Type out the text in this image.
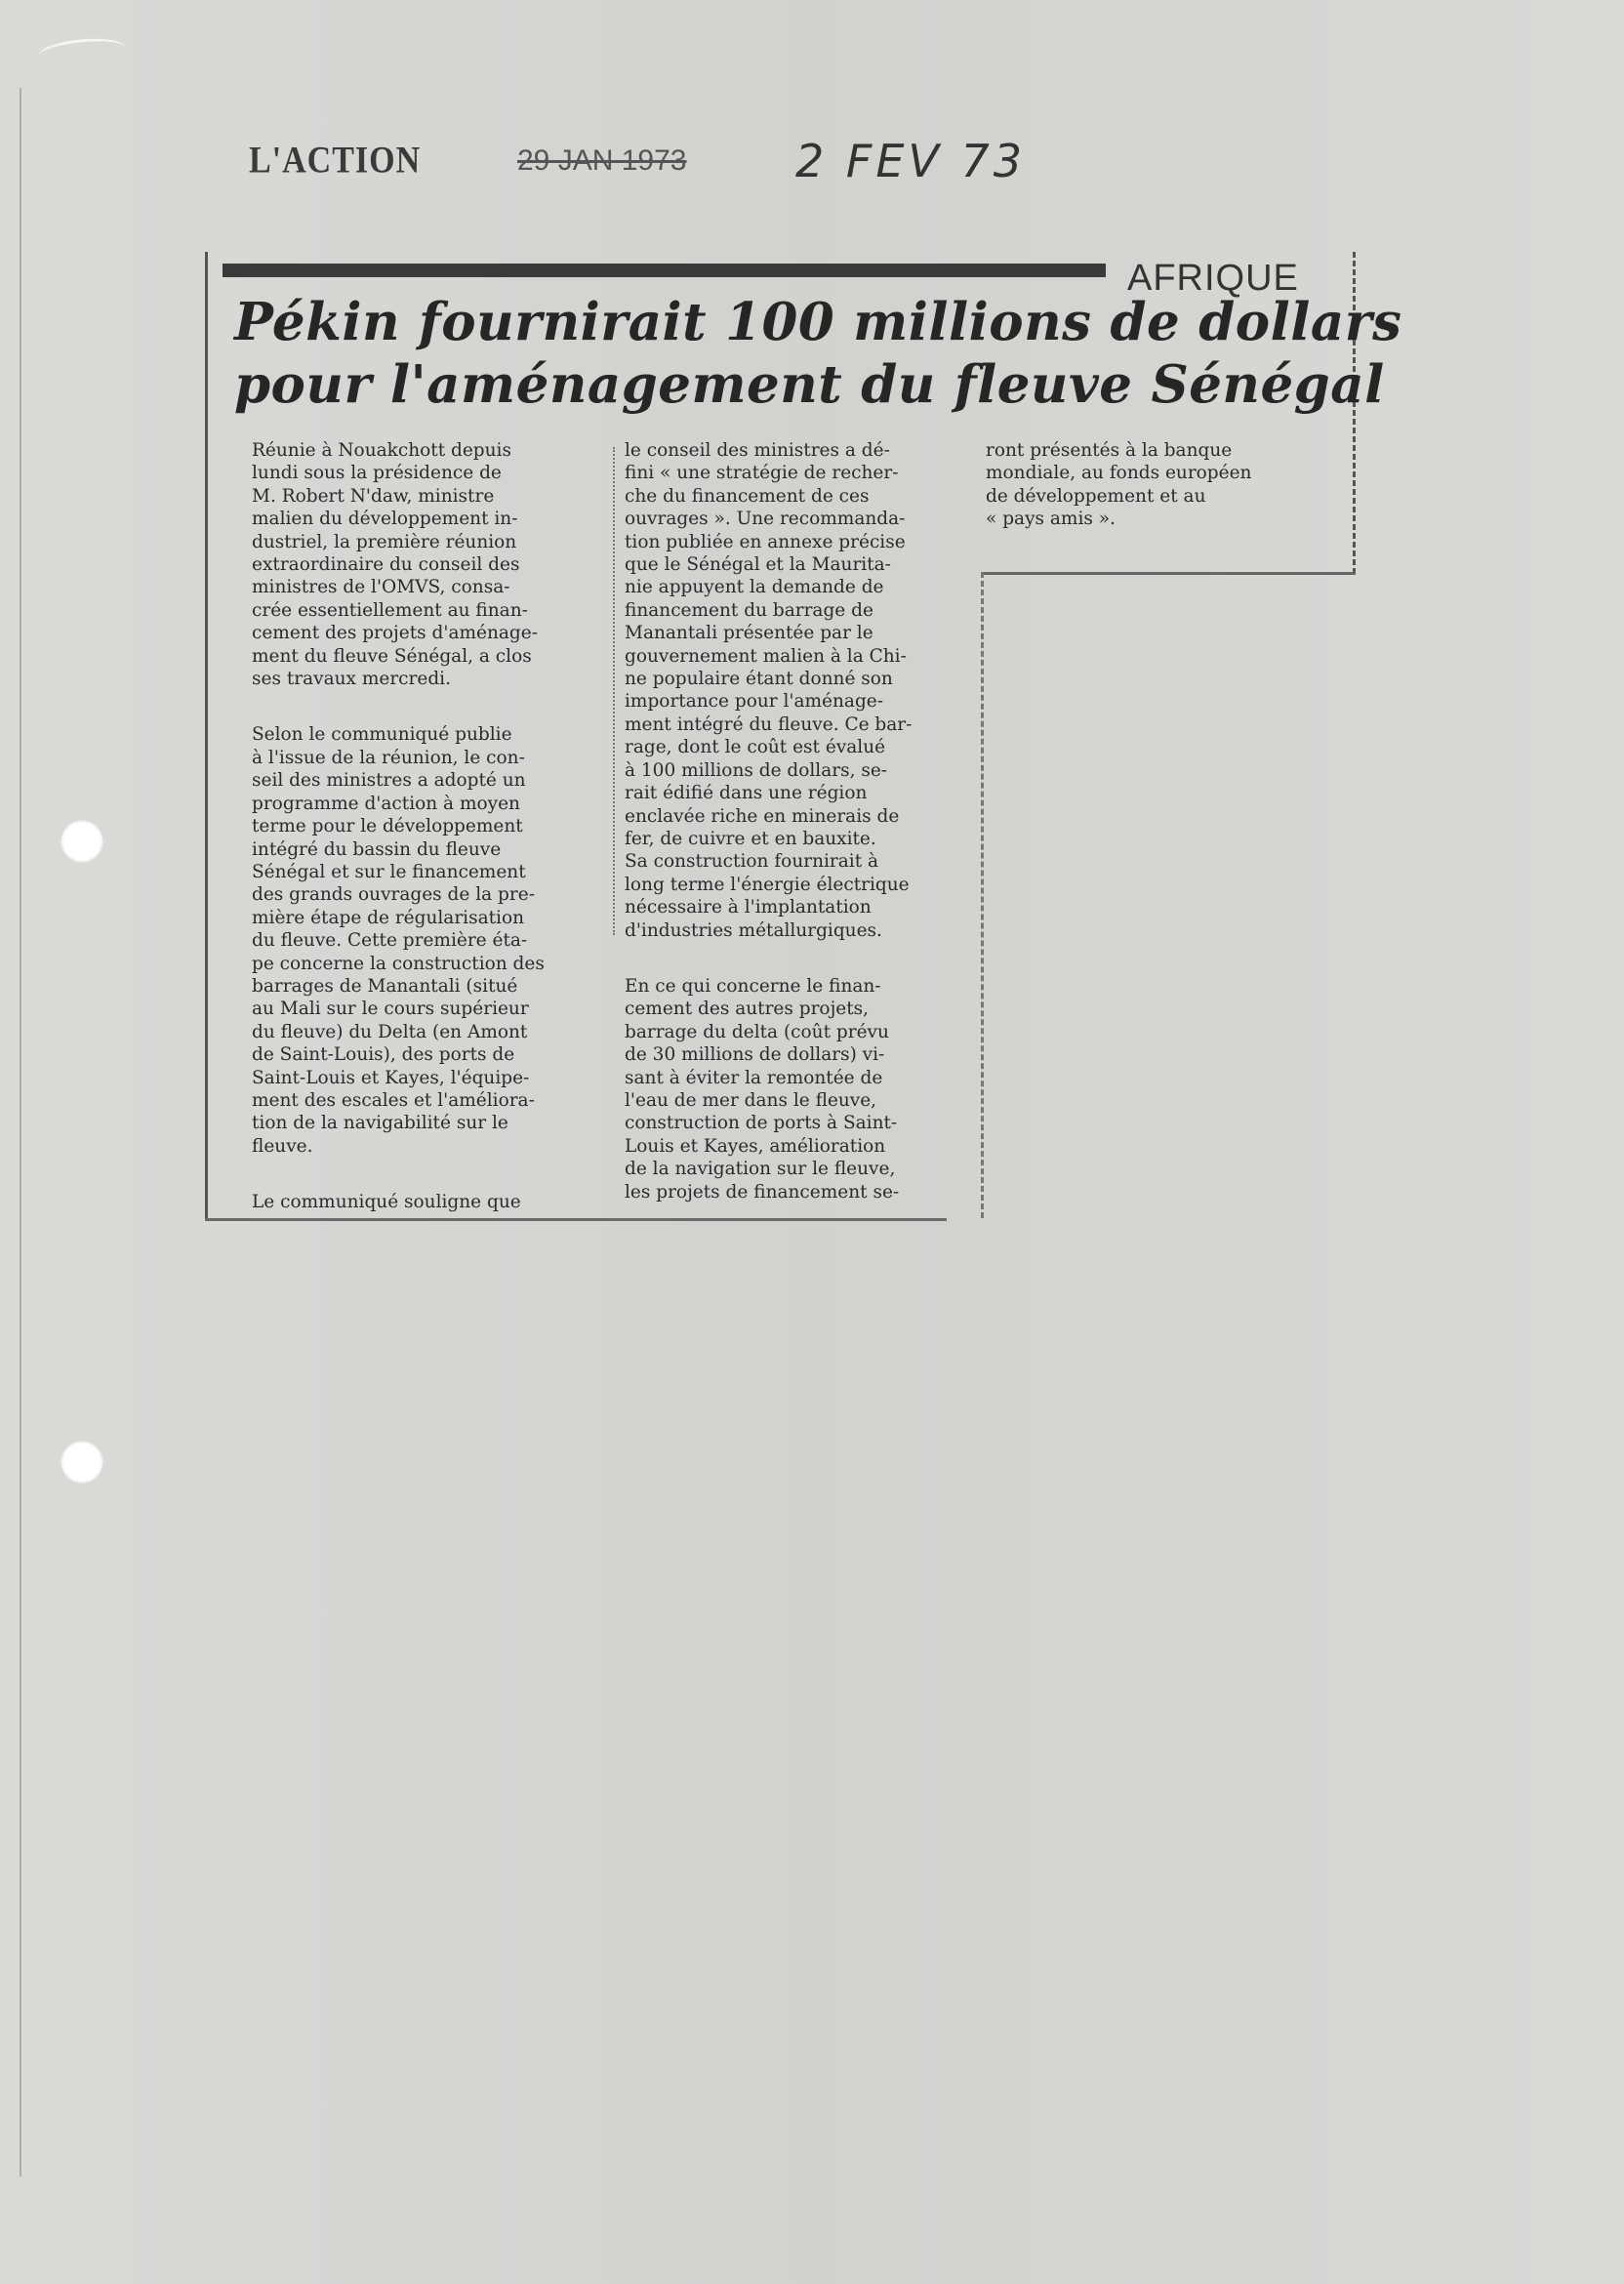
L'ACTION	29 JAN 1973 2 FEV 73
AFRIQUE
Pékin fournirait 100 millions de dollars
pour l'aménagement du fleuve Sénégal

Réunie à Nouakchott depuis
lundi sous la présidence de
M. Robert N'daw, ministre
malien du développement in-
dustriel, la première réunion
extraordinaire du conseil des
ministres de l'OMVS, consa-
crée essentiellement au finan-
cement des projets d'aménage-
ment du fleuve Sénégal, a clos
ses travaux mercredi.

Selon le communiqué publie
à l'issue de la réunion, le con-
seil des ministres a adopté un
programme d'action à moyen
terme pour le développement
intégré du bassin du fleuve
Sénégal et sur le financement
des grands ouvrages de la pre-
mière étape de régularisation
du fleuve. Cette première éta-
pe concerne la construction des
barrages de Manantali (situé
au Mali sur le cours supérieur
du fleuve) du Delta (en Amont
de Saint-Louis), des ports de
Saint-Louis et Kayes, l'équipe-
ment des escales et l'améliora-
tion de la navigabilité sur le
fleuve.

Le communiqué souligne que

le conseil des ministres a dé-
fini « une stratégie de recher-
che du financement de ces
ouvrages ». Une recommanda-
tion publiée en annexe précise
que le Sénégal et la Maurita-
nie appuyent la demande de
financement du barrage de
Manantali présentée par le
gouvernement malien à la Chi-
ne populaire étant donné son
importance pour l'aménage-
ment intégré du fleuve. Ce bar-
rage, dont le coût est évalué
à 100 millions de dollars, se-
rait édifié dans une région
enclavée riche en minerais de
fer, de cuivre et en bauxite.
Sa construction fournirait à
long terme l'énergie électrique
nécessaire à l'implantation
d'industries métallurgiques.

En ce qui concerne le finan-
cement des autres projets,
barrage du delta (coût prévu
de 30 millions de dollars) vi-
sant à éviter la remontée de
l'eau de mer dans le fleuve,
construction de ports à Saint-
Louis et Kayes, amélioration
de la navigation sur le fleuve,
les projets de financement se-

ront présentés à la banque
mondiale, au fonds européen
de développement et au
« pays amis ».
